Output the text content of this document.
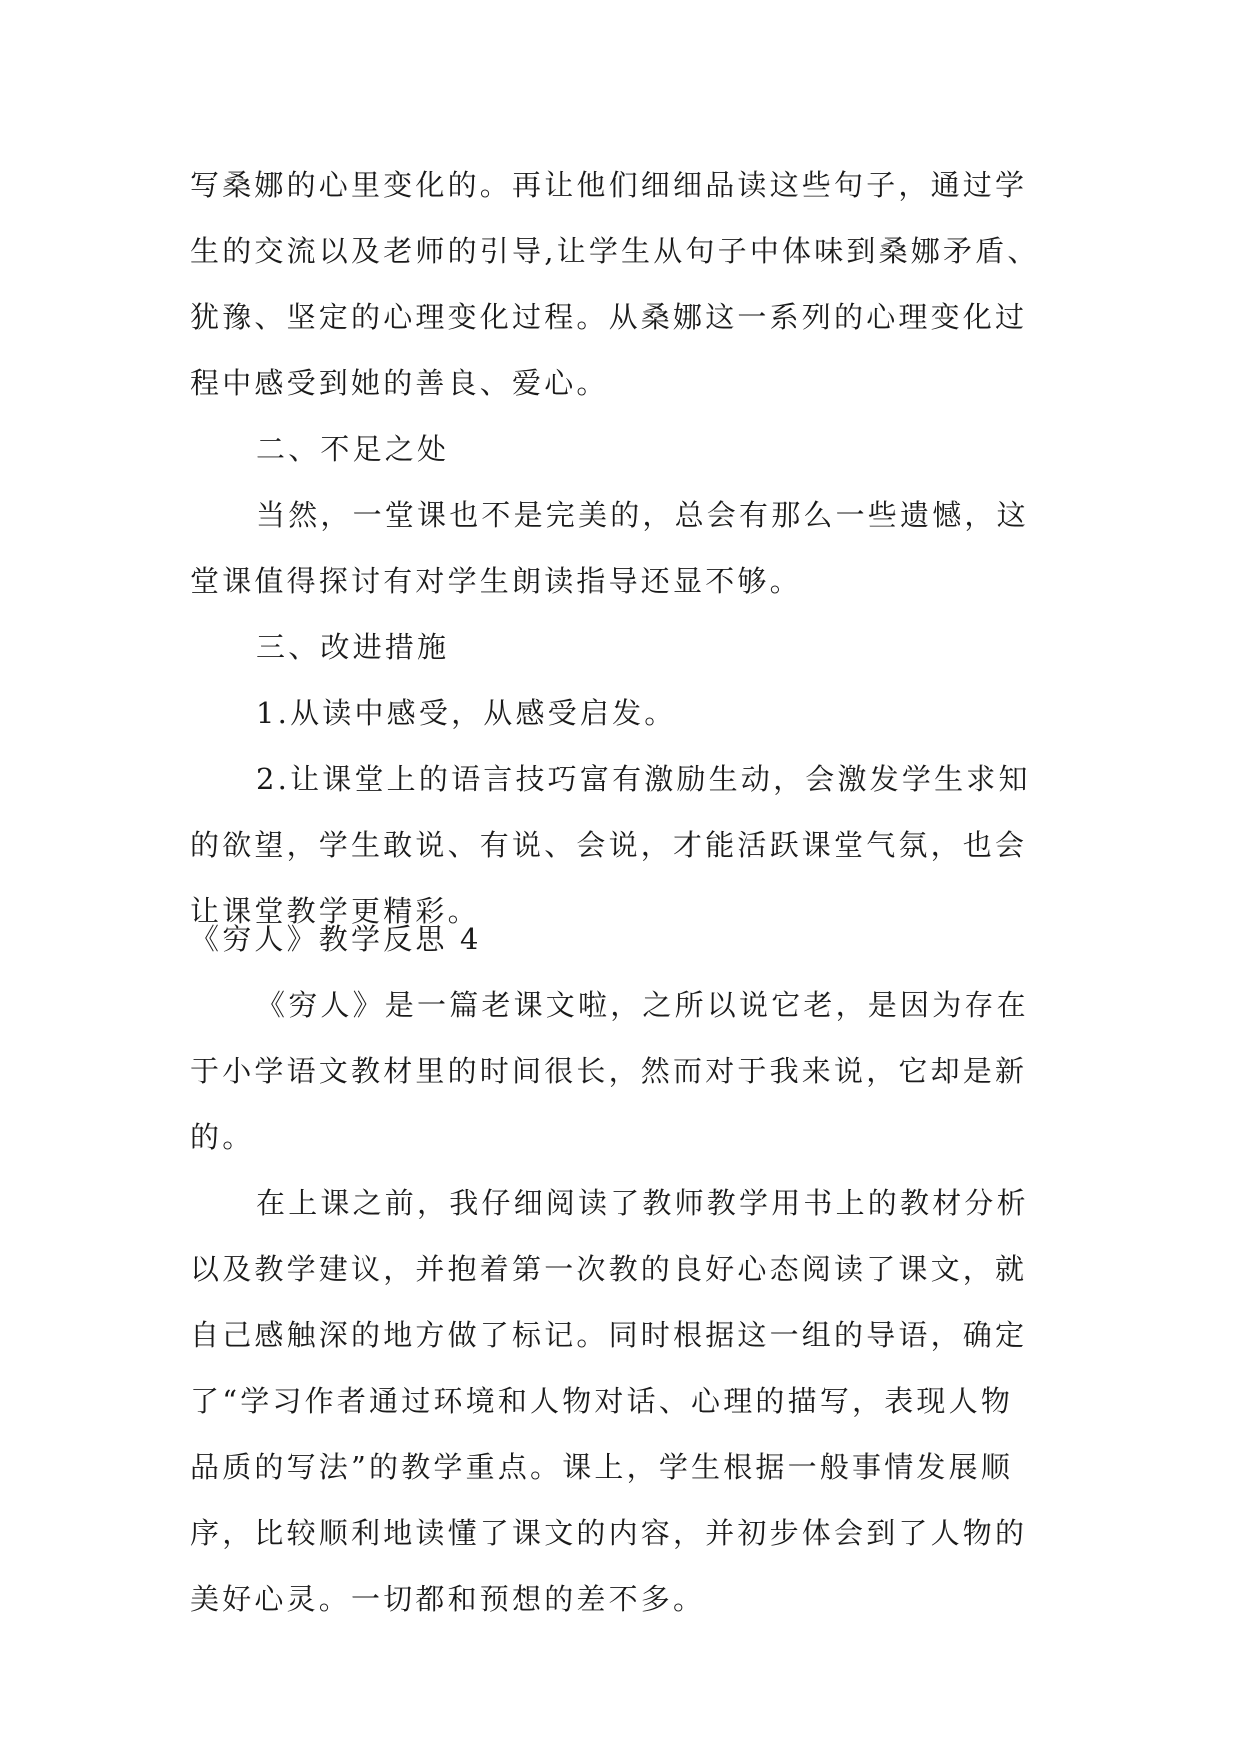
写桑娜的心里变化的。再让他们细细品读这些句子，通过学
生的交流以及老师的引导,让学生从句子中体味到桑娜矛盾、
犹豫、坚定的心理变化过程。从桑娜这一系列的心理变化过
程中感受到她的善良、爱心。
二、不足之处
当然，一堂课也不是完美的，总会有那么一些遗憾，这
堂课值得探讨有对学生朗读指导还显不够。
三、改进措施
1.从读中感受，从感受启发。
2.让课堂上的语言技巧富有激励生动，会激发学生求知
的欲望，学生敢说、有说、会说，才能活跃课堂气氛，也会
让课堂教学更精彩。
《穷人》教学反思 4
《穷人》是一篇老课文啦，之所以说它老，是因为存在
于小学语文教材里的时间很长，然而对于我来说，它却是新
的。
在上课之前，我仔细阅读了教师教学用书上的教材分析
以及教学建议，并抱着第一次教的良好心态阅读了课文，就
自己感触深的地方做了标记。同时根据这一组的导语，确定
了“学习作者通过环境和人物对话、心理的描写，表现人物
品质的写法”的教学重点。课上，学生根据一般事情发展顺
序，比较顺利地读懂了课文的内容，并初步体会到了人物的
美好心灵。一切都和预想的差不多。
